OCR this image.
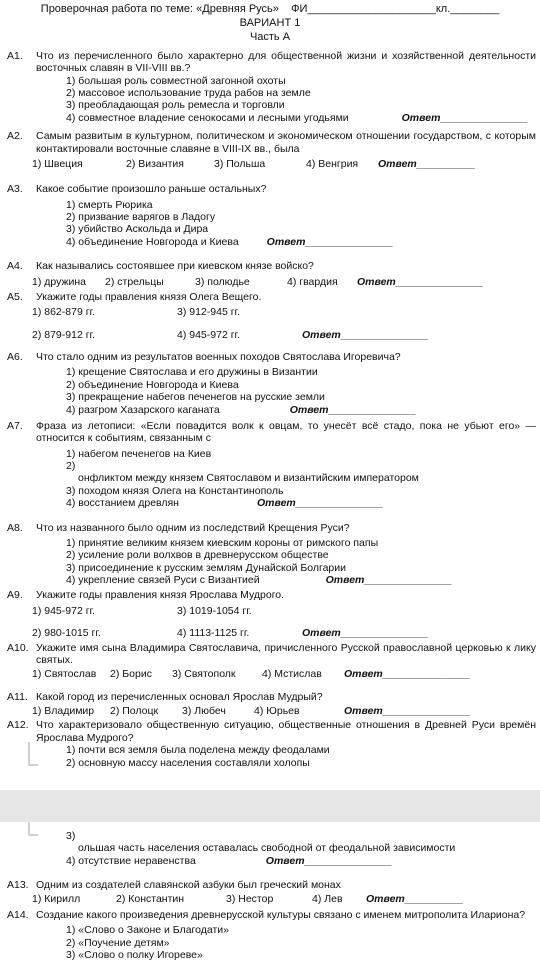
Проверочная работа по теме: «Древняя Русь»    ФИ_____________________кл.________
ВАРИАНТ 1
Часть А
А1. Что из перечисленного было характерно для общественной жизни и хозяйственной деятельности восточных славян в VII-VIII вв.?
1) большая роль совместной загонной охоты
2) массовое использование труда рабов на земле
3) преобладающая роль ремесла и торговли
4) совместное владение сенокосами и лесными угодьями	Ответ_______________
А2. Самым развитым в культурном, политическом и экономическом отношении государством, с которым контактировали восточные славяне в VIII-IX вв., была
1) Швеция	2) Византия	3) Польша	4) Венгрия	Ответ__________
А3. Какое событие произошло раньше остальных?
1) смерть Рюрика
2) призвание варягов в Ладогу
3) убийство Аскольда и Дира
4) объединение Новгорода и Киева	Ответ_______________
А4. Как назывались состоявшее при киевском князе войско?
1) дружина	2) стрельцы	3) полюдье	4) гвардия	Ответ_______________
А5. Укажите годы правления князя Олега Вещего.
1) 862-879 гг.	3) 912-945 гг.
2) 879-912 гг.	4) 945-972 гг.	Ответ_______________
А6. Что стало одним из результатов военных походов Святослава Игоревича?
1) крещение Святослава и его дружины в Византии
2) объединение Новгорода и Киева
3) прекращение набегов печенегов на русские земли
4) разгром Хазарского каганата	Ответ_______________
А7. Фраза из летописи: «Если повадится волк к овцам, то унесёт всё стадо, пока не убьют его» — относится к событиям, связанным с
1) набегом печенегов на Киев
2)
онфликтом между князем Святославом и византийским императором
3) походом князя Олега на Константинополь
4) восстанием древлян	Ответ_______________
А8. Что из названного было одним из последствий Крещения Руси?
1) принятие великим князем киевским короны от римского папы
2) усиление роли волхвов в древнерусском обществе
3) присоединение к русским землям Дунайской Болгарии
4) укрепление связей Руси с Византией	Ответ_______________
А9. Укажите годы правления князя Ярослава Мудрого.
1) 945-972 гг.	3) 1019-1054 гг.
2) 980-1015 гг.	4) 1113-1125 гг.	Ответ_______________
А10. Укажите имя сына Владимира Святославича, причисленного Русской православной церковью к лику святых.
1) Святослав	2) Борис	3) Святополк	4) Мстислав	Ответ_______________
А11. Какой город из перечисленных основал Ярослав Мудрый?
1) Владимир	2) Полоцк	3) Любеч	4) Юрьев	Ответ_______________
А12. Что характеризовало общественную ситуацию, общественные отношения в Древней Руси времён Ярослава Мудрого?
1) почти вся земля была поделена между феодалами
2) основную массу населения составляли холопы
3)
ольшая часть населения оставалась свободной от феодальной зависимости
4) отсутствие неравенства	Ответ_______________
А13. Одним из создателей славянской азбуки был греческий монах
1) Кирилл	2) Константин	3) Нестор	4) Лев	Ответ__________
А14. Создание какого произведения древнерусской культуры связано с именем митрополита Илариона?
1) «Слово о Законе и Благодати»
2) «Поучение детям»
3) «Слово о полку Игореве»
